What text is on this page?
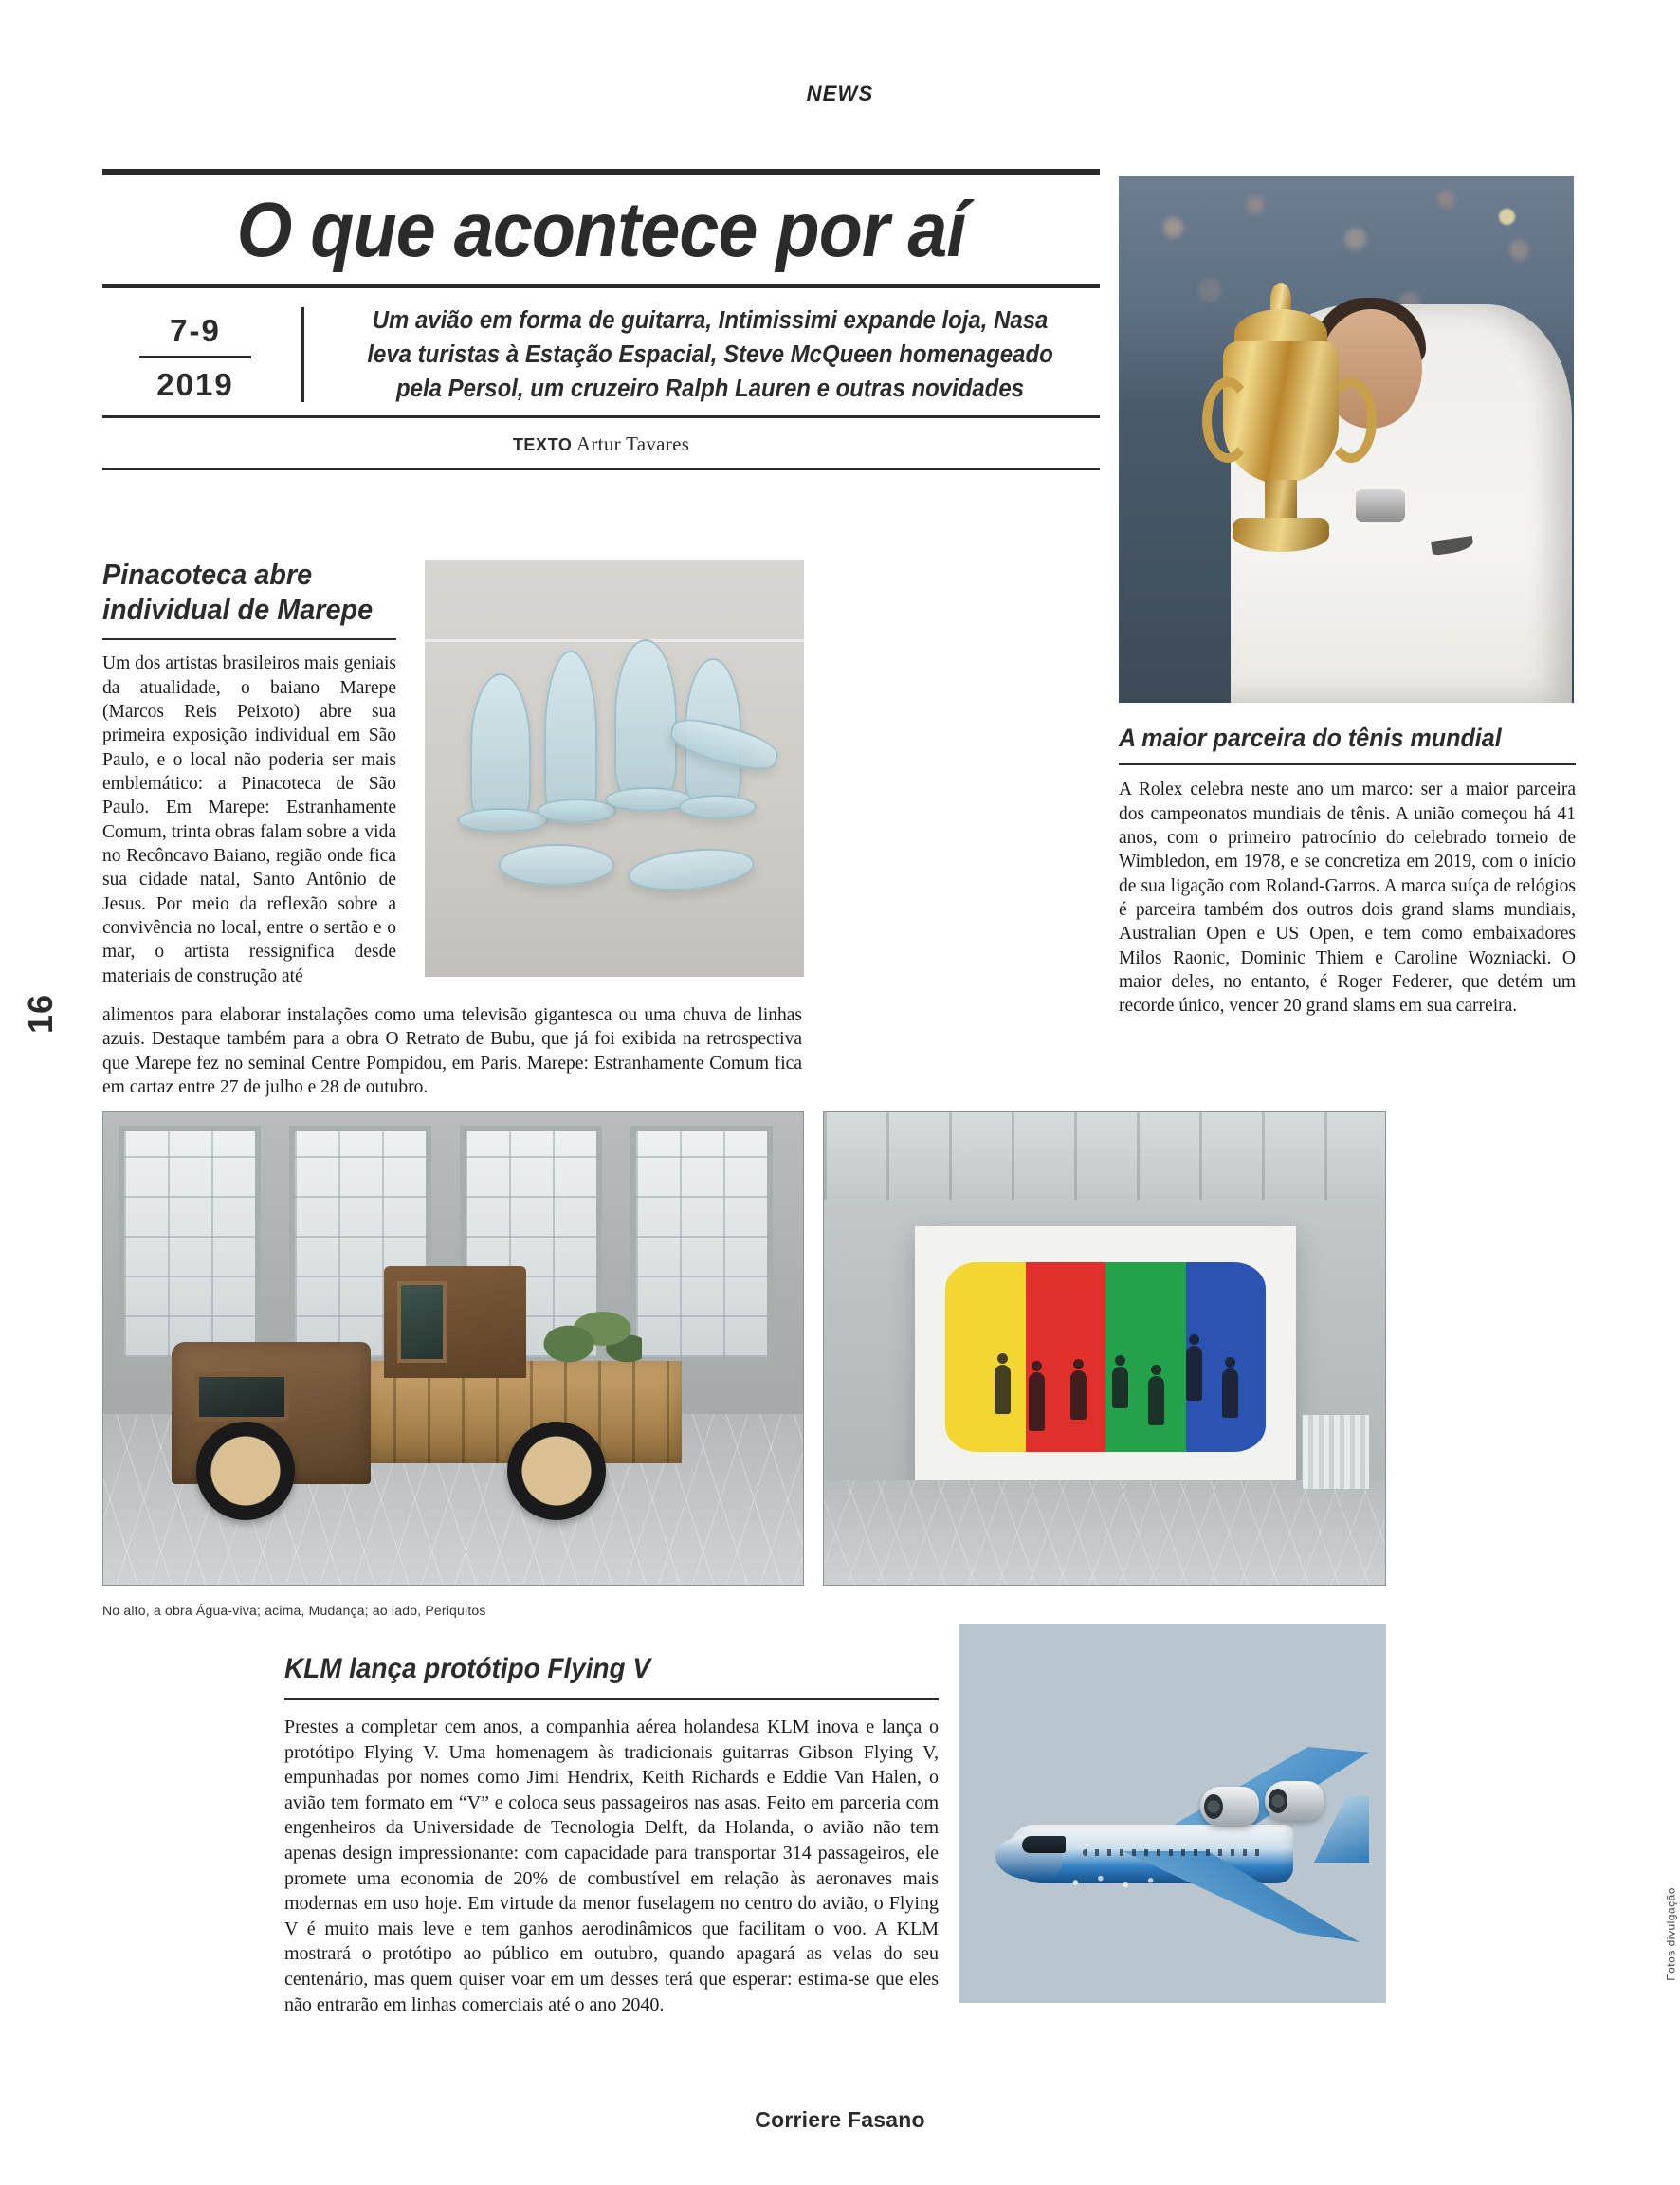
NEWS
16
Fotos divulgação
O que acontece por aí
7-9
2019
Um avião em forma de guitarra, Intimissimi expande loja, Nasa leva turistas à Estação Espacial, Steve McQueen homenageado pela Persol, um cruzeiro Ralph Lauren e outras novidades
TEXTO Artur Tavares
Pinacoteca abre individual de Marepe
Um dos artistas brasileiros mais geniais da atualidade, o baiano Marepe (Marcos Reis Peixoto) abre sua primeira exposição individual em São Paulo, e o local não poderia ser mais emblemático: a Pinacoteca de São Paulo. Em Marepe: Estranhamente Comum, trinta obras falam sobre a vida no Recôncavo Baiano, região onde fica sua cidade natal, Santo Antônio de Jesus. Por meio da reflexão sobre a convivência no local, entre o sertão e o mar, o artista ressignifica desde materiais de construção até
alimentos para elaborar instalações como uma televisão gigantesca ou uma chuva de linhas azuis. Destaque também para a obra O Retrato de Bubu, que já foi exibida na retrospectiva que Marepe fez no seminal Centre Pompidou, em Paris. Marepe: Estranhamente Comum fica em cartaz entre 27 de julho e 28 de outubro.
A maior parceira do tênis mundial
A Rolex celebra neste ano um marco: ser a maior parceira dos campeonatos mundiais de tênis. A união começou há 41 anos, com o primeiro patrocínio do celebrado torneio de Wimbledon, em 1978, e se concretiza em 2019, com o início de sua ligação com Roland-Garros. A marca suíça de relógios é parceira também dos outros dois grand slams mundiais, Australian Open e US Open, e tem como embaixadores Milos Raonic, Dominic Thiem e Caroline Wozniacki. O maior deles, no entanto, é Roger Federer, que detém um recorde único, vencer 20 grand slams em sua carreira.
No alto, a obra Água-viva; acima, Mudança; ao lado, Periquitos
KLM lança protótipo Flying V
Prestes a completar cem anos, a companhia aérea holandesa KLM inova e lança o protótipo Flying V. Uma homenagem às tradicionais guitarras Gibson Flying V, empunhadas por nomes como Jimi Hendrix, Keith Richards e Eddie Van Halen, o avião tem formato em “V” e coloca seus passageiros nas asas. Feito em parceria com engenheiros da Universidade de Tecnologia Delft, da Holanda, o avião não tem apenas design impressionante: com capacidade para transportar 314 passageiros, ele promete uma economia de 20% de combustível em relação às aeronaves mais modernas em uso hoje. Em virtude da menor fuselagem no centro do avião, o Flying V é muito mais leve e tem ganhos aerodinâmicos que facilitam o voo. A KLM mostrará o protótipo ao público em outubro, quando apagará as velas do seu centenário, mas quem quiser voar em um desses terá que esperar: estima-se que eles não entrarão em linhas comerciais até o ano 2040.
Corriere Fasano
